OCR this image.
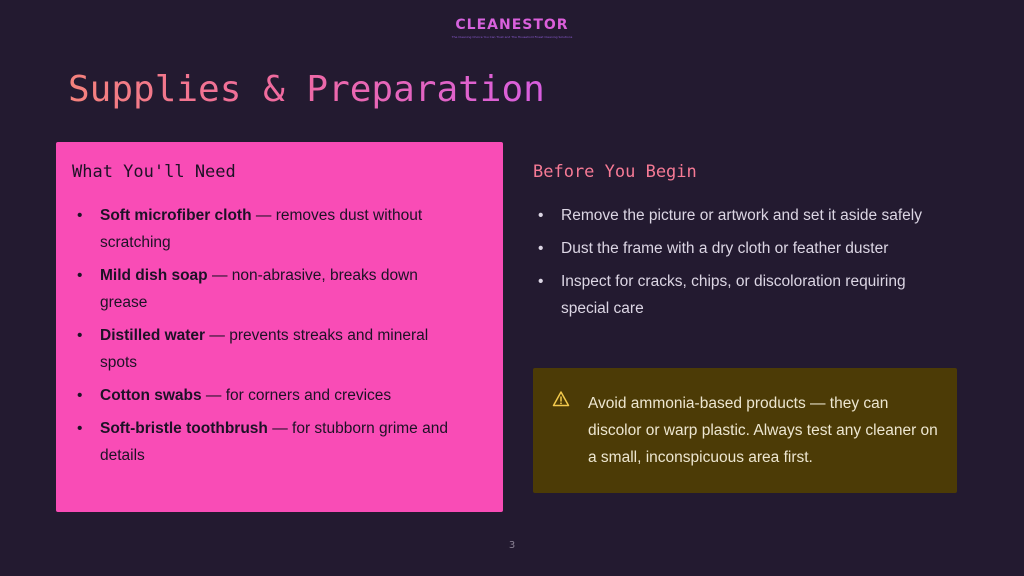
CLEANESTOR
The Cleaning Choice You Can Trust and The Household Finest Cleaning Solutions
Supplies & Preparation
What You'll Need
• Soft microfiber cloth — removes dust without scratching
• Mild dish soap — non-abrasive, breaks down grease
• Distilled water — prevents streaks and mineral spots
• Cotton swabs — for corners and crevices
• Soft-bristle toothbrush — for stubborn grime and details
Before You Begin
• Remove the picture or artwork and set it aside safely
• Dust the frame with a dry cloth or feather duster
• Inspect for cracks, chips, or discoloration requiring special care

Avoid ammonia-based products — they can discolor or warp plastic. Always test any cleaner on a small, inconspicuous area first.

3
